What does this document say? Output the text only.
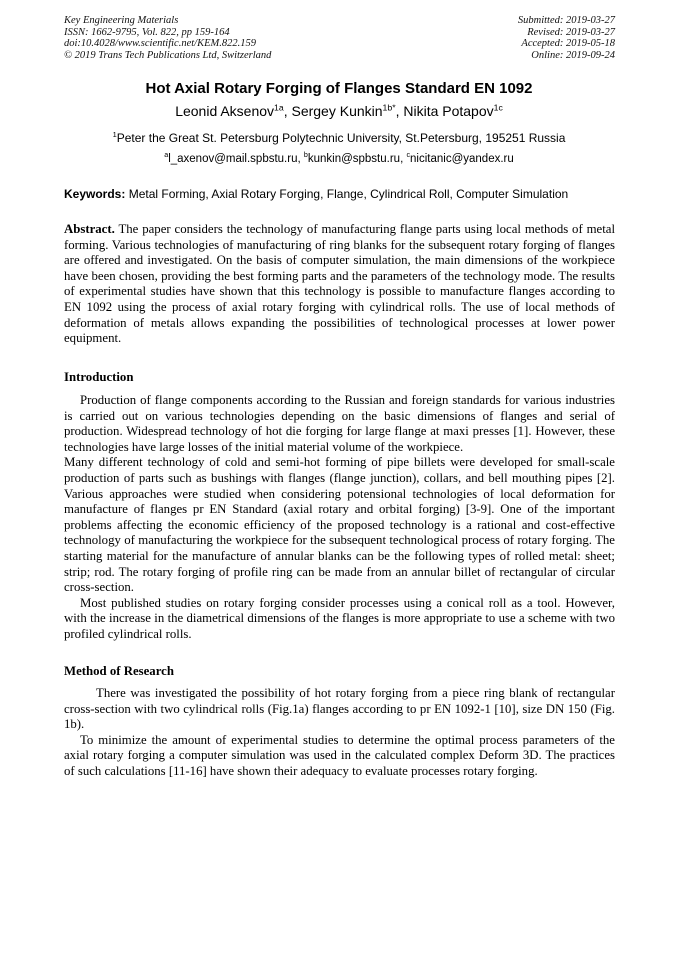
Key Engineering Materials
ISSN: 1662-9795, Vol. 822, pp 159-164
doi:10.4028/www.scientific.net/KEM.822.159
© 2019 Trans Tech Publications Ltd, Switzerland
Submitted: 2019-03-27
Revised: 2019-03-27
Accepted: 2019-05-18
Online: 2019-09-24
Hot Axial Rotary Forging of Flanges Standard EN 1092
Leonid Aksenov$^{1a}$, Sergey Kunkin$^{1b*}$, Nikita Potapov$^{1c}$
$^1$Peter the Great St. Petersburg Polytechnic University, St.Petersburg, 195251 Russia
$^a$l_axenov@mail.spbstu.ru, $^b$kunkin@spbstu.ru, $^c$nicitanic@yandex.ru
Keywords: Metal Forming, Axial Rotary Forging, Flange, Cylindrical Roll, Computer Simulation

Abstract. The paper considers the technology of manufacturing flange parts using local methods of metal forming. Various technologies of manufacturing of ring blanks for the subsequent rotary forging of flanges are offered and investigated. On the basis of computer simulation, the main dimensions of the workpiece have been chosen, providing the best forming parts and the parameters of the technology mode. The results of experimental studies have shown that this technology is possible to manufacture flanges according to EN 1092 using the process of axial rotary forging with cylindrical rolls. The use of local methods of deformation of metals allows expanding the possibilities of technological processes at lower power equipment.

Introduction

Production of flange components according to the Russian and foreign standards for various industries is carried out on various technologies depending on the basic dimensions of flanges and serial of production. Widespread technology of hot die forging for large flange at maxi presses [1]. However, these technologies have large losses of the initial material volume of the workpiece.

Many different technology of cold and semi-hot forming of pipe billets were developed for small-scale production of parts such as bushings with flanges (flange junction), collars, and bell mouthing pipes [2]. Various approaches were studied when considering potensional technologies of local deformation for manufacture of flanges pr EN Standard (axial rotary and orbital forging) [3-9]. One of the important problems affecting the economic efficiency of the proposed technology is a rational and cost-effective technology of manufacturing the workpiece for the subsequent technological process of rotary forging. The starting material for the manufacture of annular blanks can be the following types of rolled metal: sheet; strip; rod. The rotary forging of profile ring can be made from an annular billet of rectangular of circular cross-section.

Most published studies on rotary forging consider processes using a conical roll as a tool. However, with the increase in the diametrical dimensions of the flanges is more appropriate to use a scheme with two profiled cylindrical rolls.

Method of Research

There was investigated the possibility of hot rotary forging from a piece ring blank of rectangular cross-section with two cylindrical rolls (Fig.1a) flanges according to pr EN 1092-1 [10], size DN 150 (Fig. 1b).

To minimize the amount of experimental studies to determine the optimal process parameters of the axial rotary forging a computer simulation was used in the calculated complex Deform 3D. The practices of such calculations [11-16] have shown their adequacy to evaluate processes rotary forging.
